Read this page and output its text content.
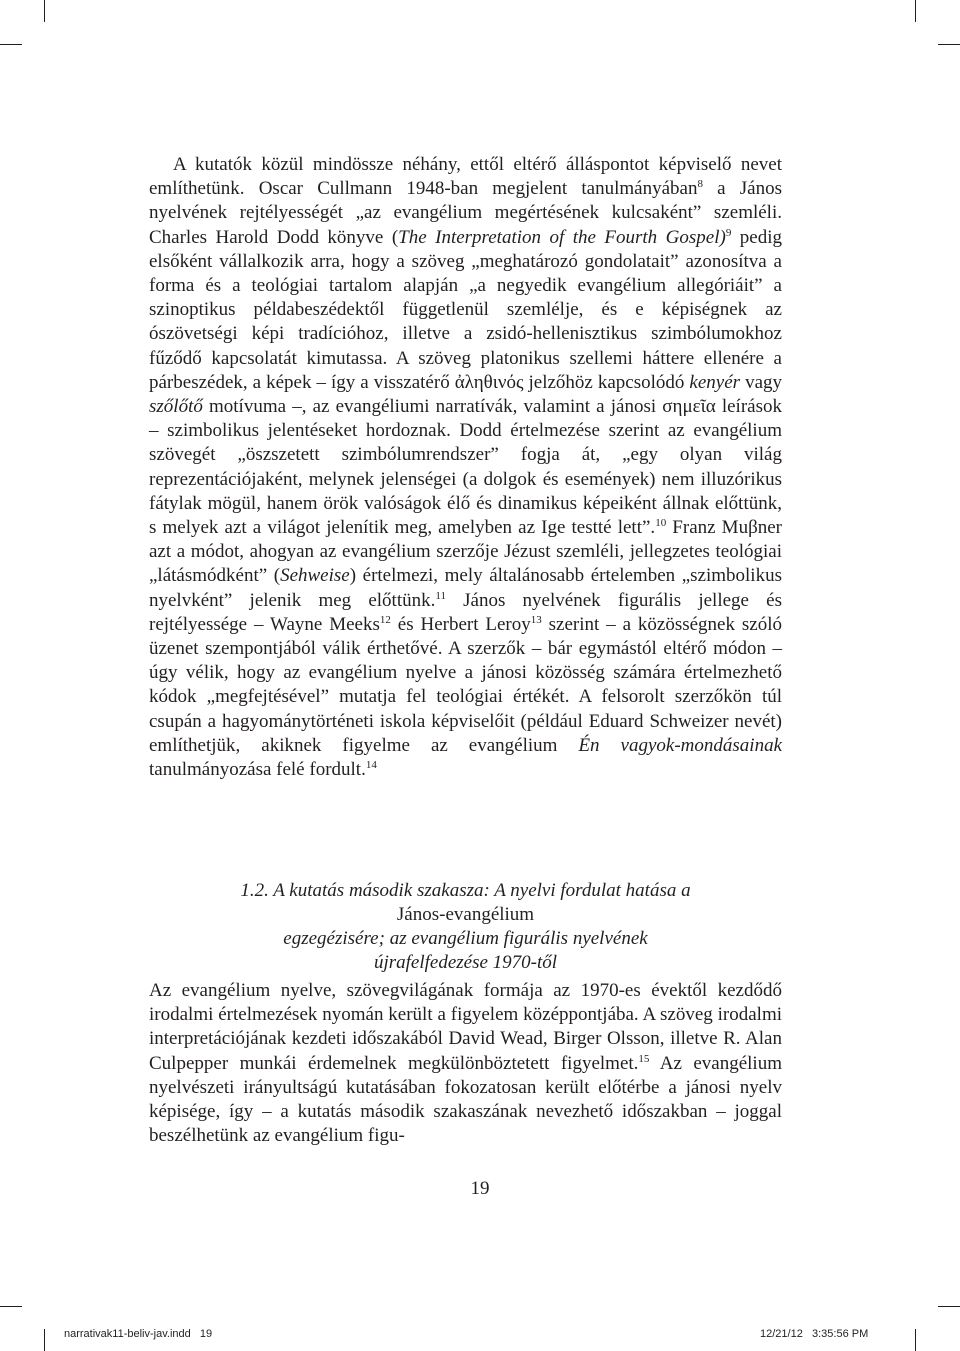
A kutatók közül mindössze néhány, ettől eltérő álláspontot képviselő nevet említhetünk. Oscar Cullmann 1948-ban megjelent tanulmányában$^8$ a János nyelvének rejtélyességét „az evangélium megértésének kulcsaként” szemléli. Charles Harold Dodd könyve (The Interpretation of the Fourth Gospel)$^9$ pedig elsőként vállalkozik arra, hogy a szöveg „meghatározó gondolatait” azonosítva a forma és a teológiai tartalom alapján „a negyedik evangélium allegóriáit” a szinoptikus példabeszédektől függetlenül szemlélje, és e képiségnek az ószövetségi képi tradícióhoz, illetve a zsidó-hellenisztikus szimbólumokhoz fűződő kapcsolatát kimutassa. A szöveg platonikus szellemi háttere ellenére a párbeszédek, a képek – így a visszatérő ἀληθινός jelzőhöz kapcsolódó kenyér vagy szőlőtő motívuma –, az evangéliumi narratívák, valamint a jánosi σημεῖα leírások – szimbolikus jelentéseket hordoznak. Dodd értelmezése szerint az evangélium szövegét „öszszetett szimbólumrendszer” fogja át, „egy olyan világ reprezentációjaként, melynek jelenségei (a dolgok és események) nem illuzórikus fátylak mögül, hanem örök valóságok élő és dinamikus képeiként állnak előttünk, s melyek azt a világot jelenítik meg, amelyben az Ige testté lett”.$^{10}$ Franz Muβner azt a módot, ahogyan az evangélium szerzője Jézust szemléli, jellegzetes teológiai „látásmódként” (Sehweise) értelmezi, mely általánosabb értelemben „szimbolikus nyelvként” jelenik meg előttünk.$^{11}$ János nyelvének figurális jellege és rejtélyessége – Wayne Meeks$^{12}$ és Herbert Leroy$^{13}$ szerint – a közösségnek szóló üzenet szempontjából válik érthetővé. A szerzők – bár egymástól eltérő módon – úgy vélik, hogy az evangélium nyelve a jánosi közösség számára értelmezhető kódok „megfejtésével” mutatja fel teológiai értékét. A felsorolt szerzőkön túl csupán a hagyománytörténeti iskola képviselőit (például Eduard Schweizer nevét) említhetjük, akiknek figyelme az evangélium Én vagyok-mondásainak tanulmányozása felé fordult.$^{14}$

1.2. A kutatás második szakasza: A nyelvi fordulat hatása a
János-evangélium
egzegézisére; az evangélium figurális nyelvének
újrafelfedezése 1970-től

Az evangélium nyelve, szövegvilágának formája az 1970-es évektől kezdődő irodalmi értelmezések nyomán került a figyelem középpontjába. A szöveg irodalmi interpretációjának kezdeti időszakából David Wead, Birger Olsson, illetve R. Alan Culpepper munkái érdemelnek megkülönböztetett figyelmet.$^{15}$ Az evangélium nyelvészeti irányultságú kutatásában fokozatosan került előtérbe a jánosi nyelv képisége, így – a kutatás második szakaszának nevezhető időszakban – joggal beszélhetünk az evangélium figu-

19
narrativak11-beliv-jav.indd   19	12/21/12   3:35:56 PM
